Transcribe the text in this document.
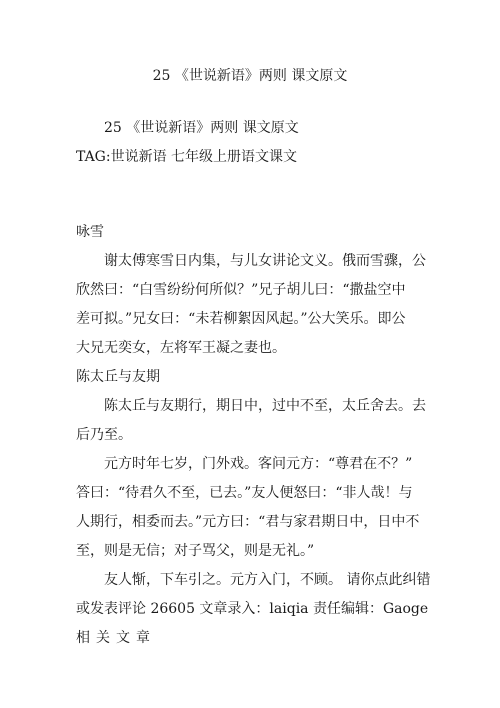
25 《世说新语》两则 课文原文
25 《世说新语》两则 课文原文
TAG:世说新语 七年级上册语文课文
咏雪
谢太傅寒雪日内集，与儿女讲论文义。俄而雪骤，公
欣然曰：“白雪纷纷何所似？”兄子胡儿曰：“撒盐空中
差可拟。”兄女曰：“未若柳絮因风起。”公大笑乐。即公
大兄无奕女，左将军王凝之妻也。
陈太丘与友期
陈太丘与友期行，期日中，过中不至，太丘舍去。去
后乃至。
元方时年七岁，门外戏。客问元方：“尊君在不？”
答曰：“待君久不至，已去。”友人便怒曰：“非人哉！与
人期行，相委而去。”元方曰：“君与家君期日中，日中不
至，则是无信；对子骂父，则是无礼。”
友人惭，下车引之。元方入门，不顾。 请你点此纠错
或发表评论 26605 文章录入：laiqia 责任编辑：Gaoge
相关文章
